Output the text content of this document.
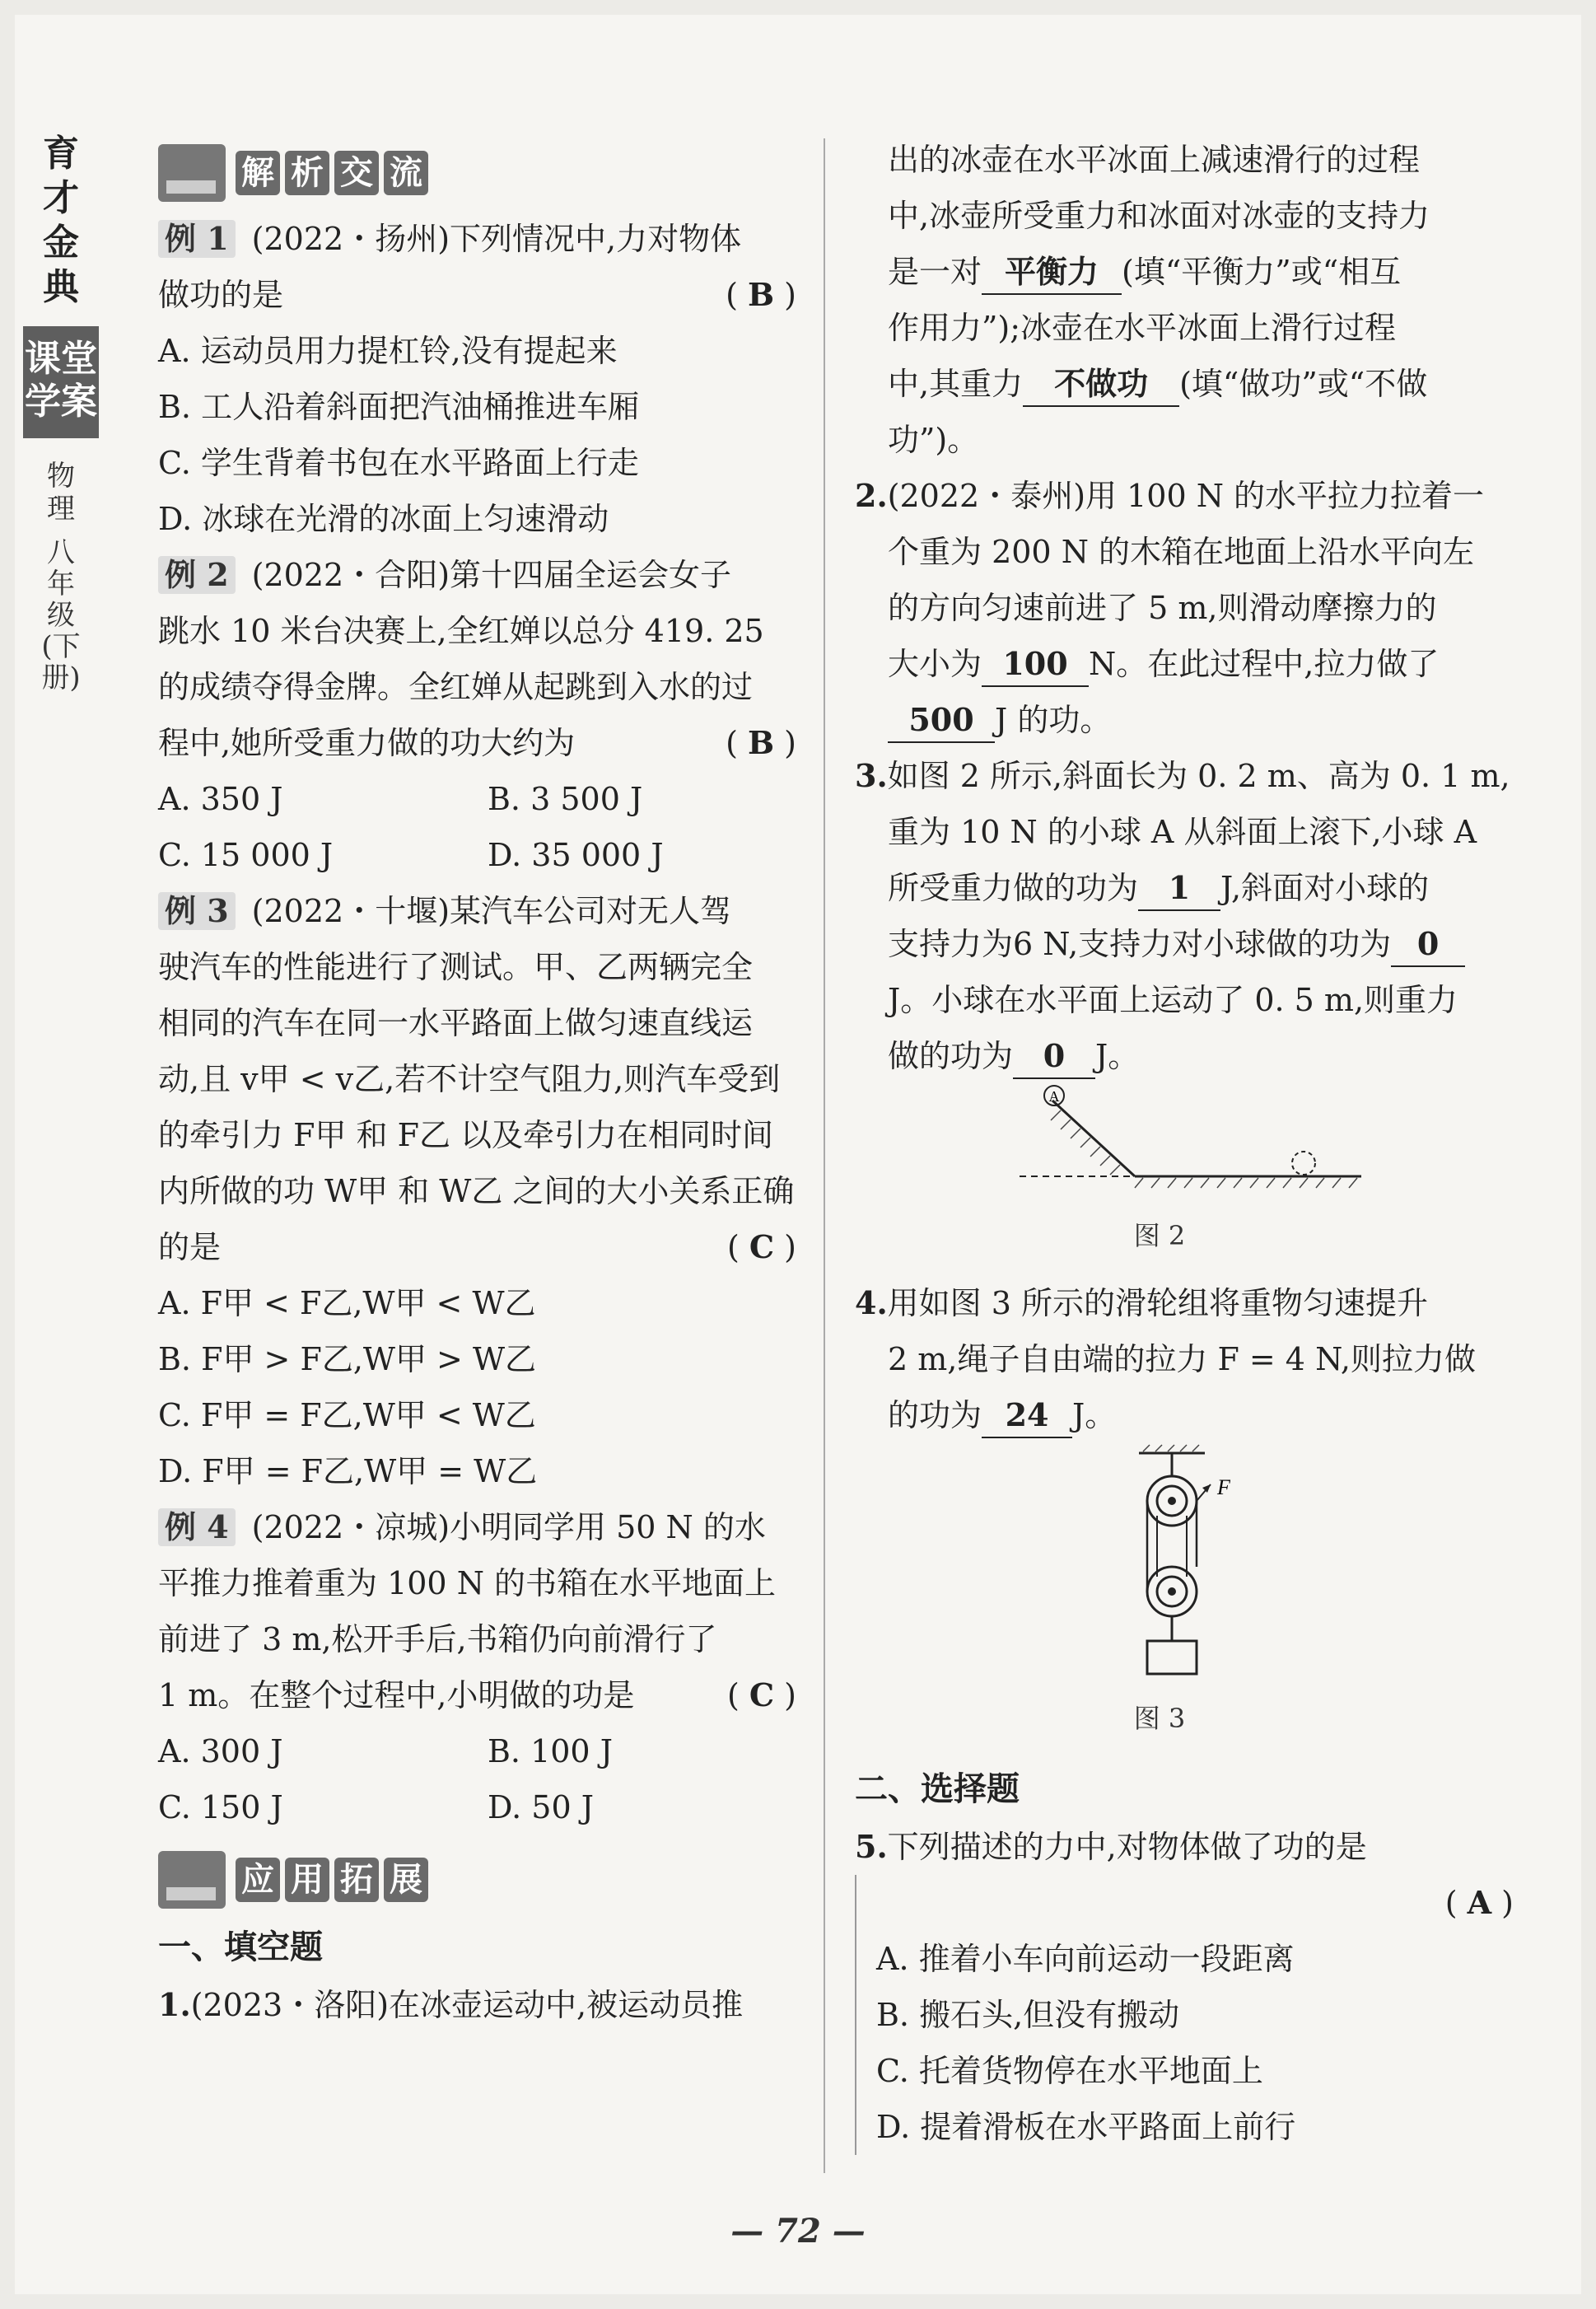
育才金典
课堂学案
物理
八年级(下册)
解 析 交 流
例 1 (2022・扬州)下列情况中,力对物体
做功的是	( B )
A. 运动员用力提杠铃,没有提起来
B. 工人沿着斜面把汽油桶推进车厢
C. 学生背着书包在水平路面上行走
D. 冰球在光滑的冰面上匀速滑动
例 2 (2022・合阳)第十四届全运会女子
跳水 10 米台决赛上,全红婵以总分 419. 25
的成绩夺得金牌。全红婵从起跳到入水的过
程中,她所受重力做的功大约为	( B )
A. 350 J	B. 3 500 J
C. 15 000 J	D. 35 000 J
例 3 (2022・十堰)某汽车公司对无人驾
驶汽车的性能进行了测试。甲、乙两辆完全
相同的汽车在同一水平路面上做匀速直线运
动,且 v甲 < v乙,若不计空气阻力,则汽车受到
的牵引力 F甲 和 F乙 以及牵引力在相同时间
内所做的功 W甲 和 W乙 之间的大小关系正确
的是	( C )
A. F甲 < F乙,W甲 < W乙
B. F甲 > F乙,W甲 > W乙
C. F甲 = F乙,W甲 < W乙
D. F甲 = F乙,W甲 = W乙
例 4 (2022・凉城)小明同学用 50 N 的水
平推力推着重为 100 N 的书箱在水平地面上
前进了 3 m,松开手后,书箱仍向前滑行了
1 m。在整个过程中,小明做的功是	( C )
A. 300 J	B. 100 J
C. 150 J	D. 50 J
应 用 拓 展
一、填空题
1.(2023・洛阳)在冰壶运动中,被运动员推
出的冰壶在水平冰面上减速滑行的过程
中,冰壶所受重力和冰面对冰壶的支持力
是一对 平衡力 (填“平衡力”或“相互
作用力”);冰壶在水平冰面上滑行过程
中,其重力 不做功 (填“做功”或“不做
功”)。
2.(2022・泰州)用 100 N 的水平拉力拉着一
个重为 200 N 的木箱在地面上沿水平向左
的方向匀速前进了 5 m,则滑动摩擦力的
大小为 100 N。在此过程中,拉力做了
500 J 的功。
3.如图 2 所示,斜面长为 0. 2 m、高为 0. 1 m,
重为 10 N 的小球 A 从斜面上滚下,小球 A
所受重力做的功为 1 J,斜面对小球的
支持力为6 N,支持力对小球做的功为 0
J。小球在水平面上运动了 0. 5 m,则重力
做的功为 0 J。
A
图 2
4.用如图 3 所示的滑轮组将重物匀速提升
2 m,绳子自由端的拉力 F = 4 N,则拉力做
的功为 24 J。
F
图 3
二、选择题
5.下列描述的力中,对物体做了功的是
( A )
A. 推着小车向前运动一段距离
B. 搬石头,但没有搬动
C. 托着货物停在水平地面上
D. 提着滑板在水平路面上前行
— 72 —
